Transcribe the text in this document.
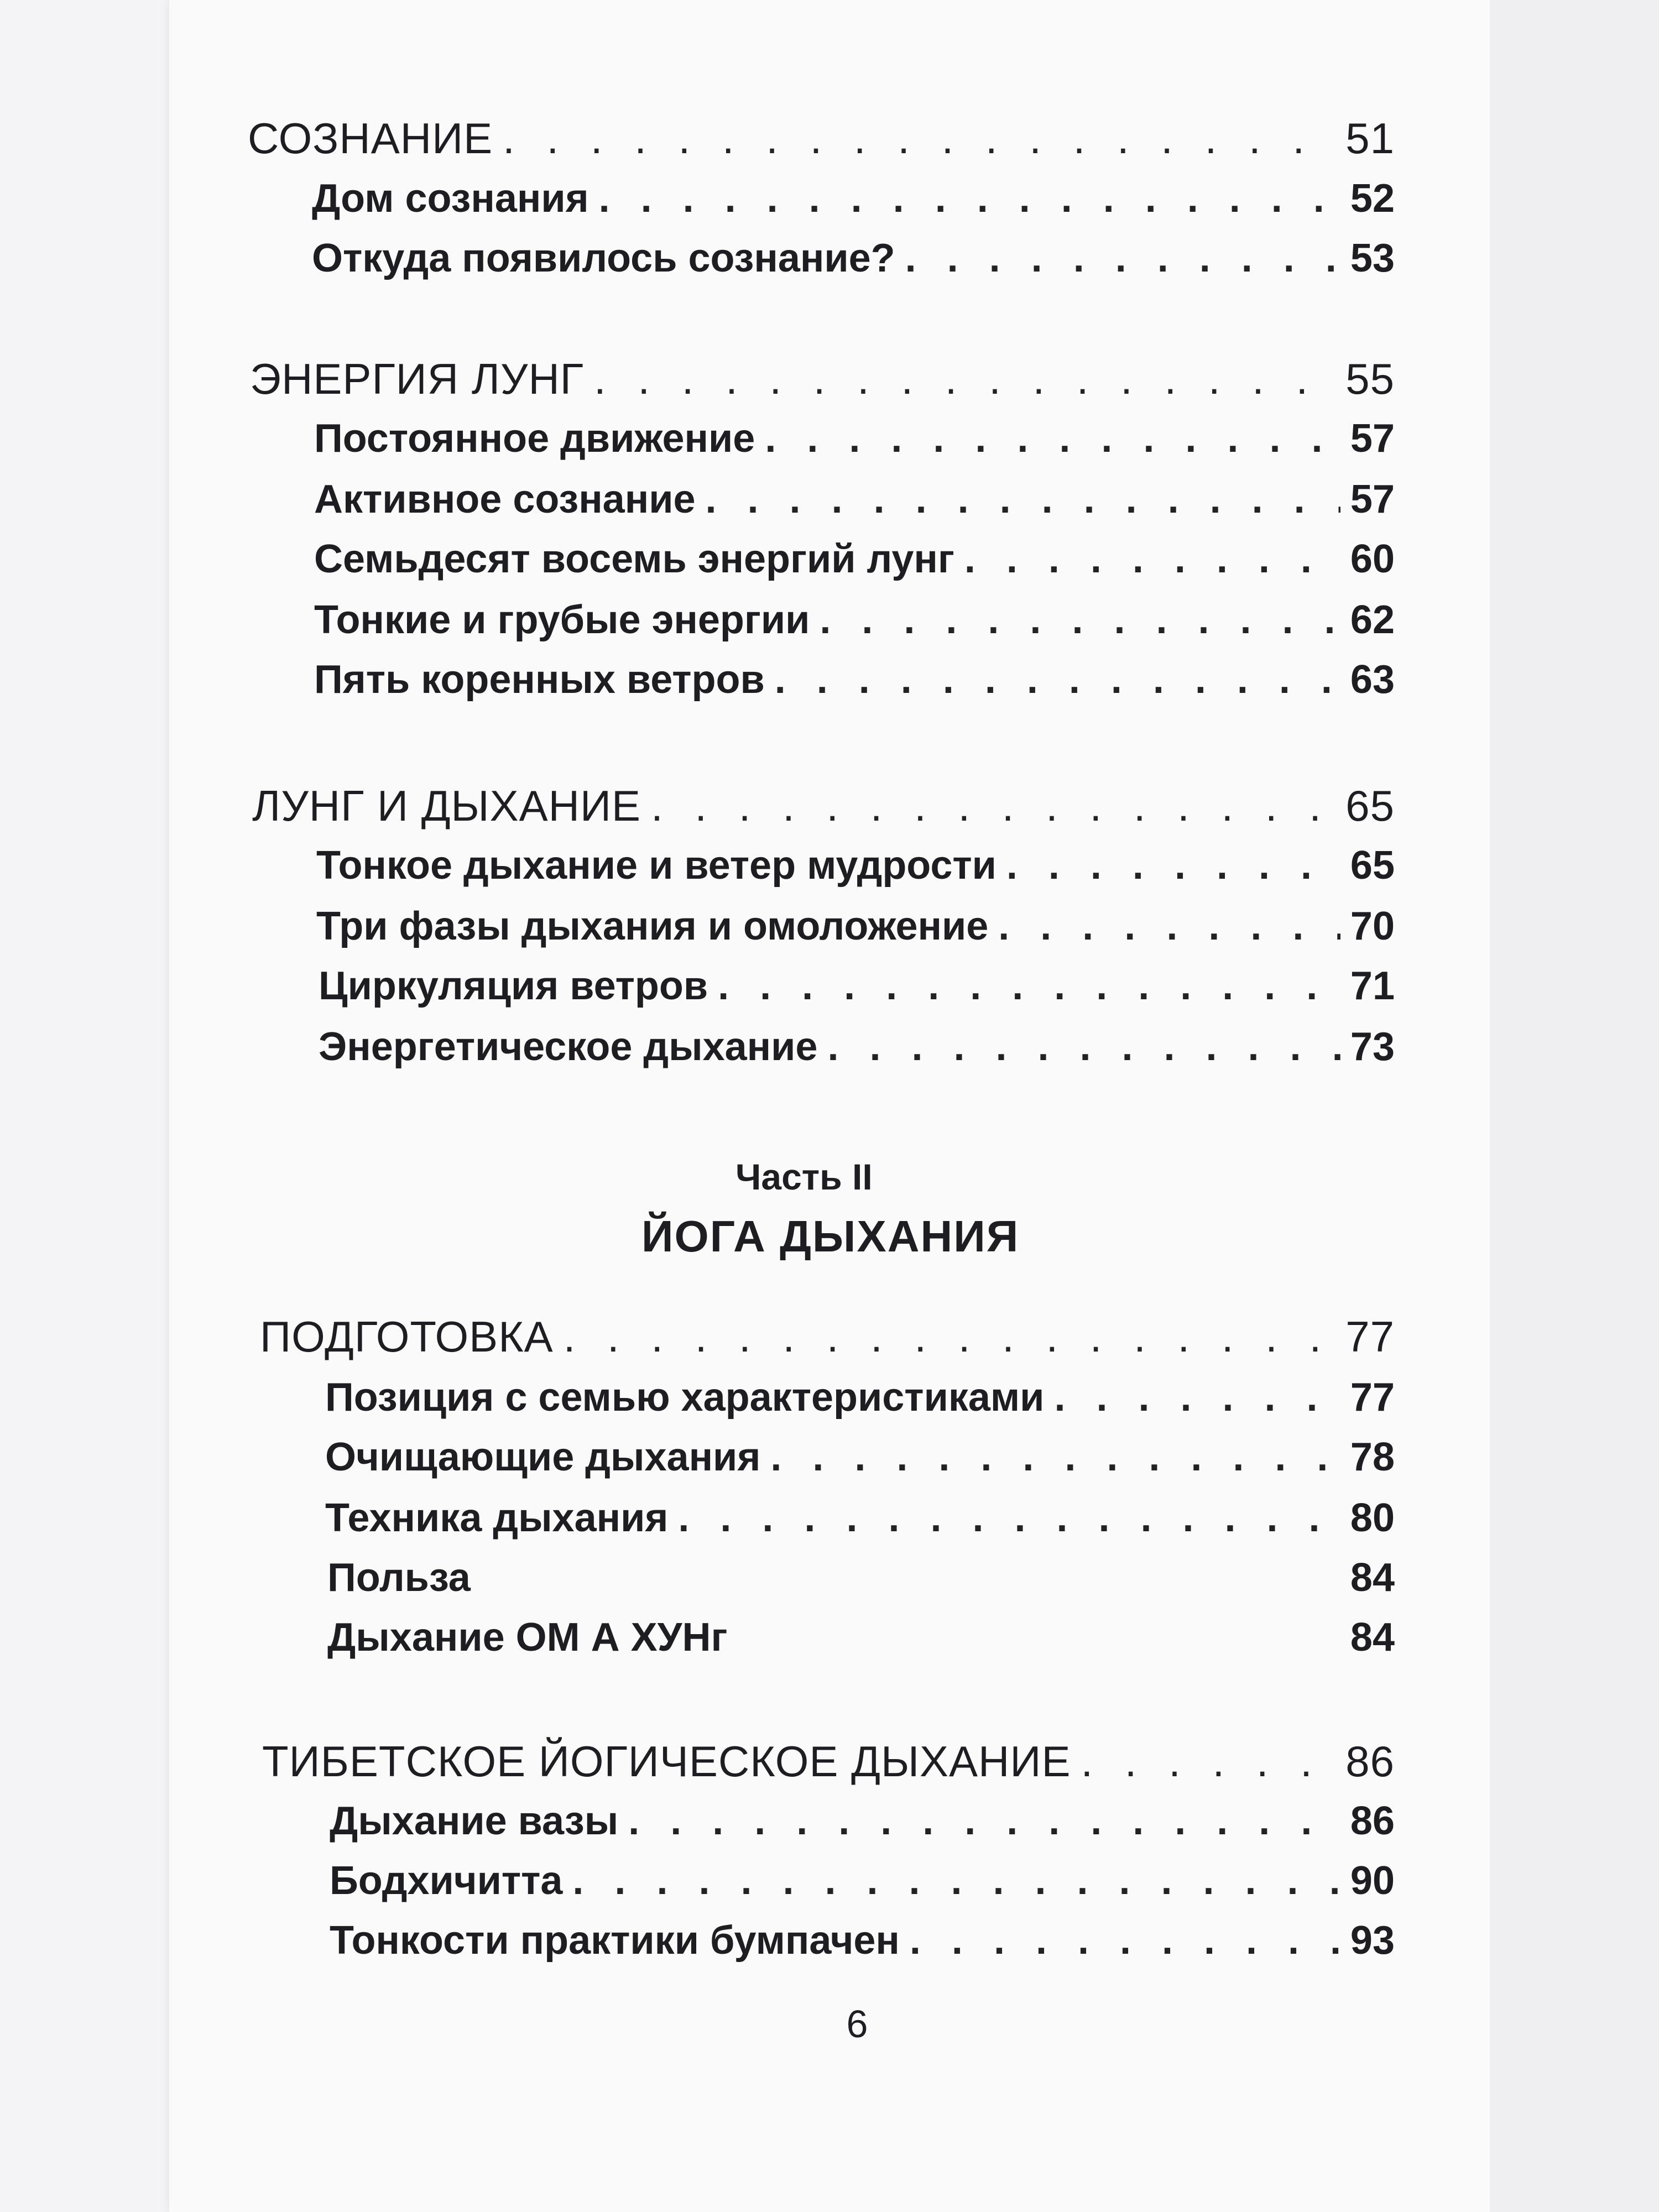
СОЗНАНИЕ . . .	51
Дом сознания . . .	52
Откуда появилось сознание? . . .	53
ЭНЕРГИЯ ЛУНГ . . .	55
Постоянное движение . . .	57
Активное сознание . . .	57
Семьдесят восемь энергий лунг . . .	60
Тонкие и грубые энергии . . .	62
Пять коренных ветров . . .	63
ЛУНГ И ДЫХАНИЕ . . .	65
Тонкое дыхание и ветер мудрости . . .	65
Три фазы дыхания и омоложение . . .	70
Циркуляция ветров . . .	71
Энергетическое дыхание . . .	73
ПОДГОТОВКА . . .	77
Позиция с семью характеристиками . . .	77
Очищающие дыхания . . .	78
Техника дыхания . . .	80
Польза	84
Дыхание ОМ А ХУНг	84
ТИБЕТСКОЕ ЙОГИЧЕСКОЕ ДЫХАНИЕ . . .	86
Дыхание вазы . . .	86
Бодхичитта . . .	90
Тонкости практики бумпачен . . .	93
Часть II
ЙОГА ДЫХАНИЯ
6
